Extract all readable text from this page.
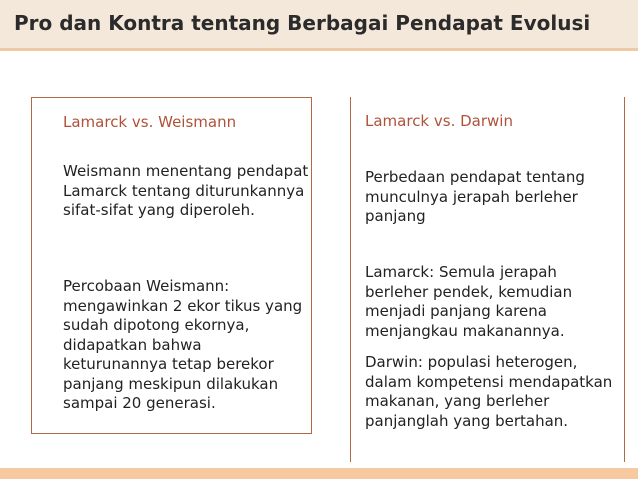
Pro dan Kontra tentang Berbagai Pendapat Evolusi
Lamarck vs. Weismann

Weismann menentang pendapat Lamarck tentang diturunkannya sifat-sifat yang diperoleh.

Percobaan Weismann: mengawinkan 2 ekor tikus yang sudah dipotong ekornya, didapatkan bahwa keturunannya tetap berekor panjang meskipun dilakukan sampai 20 generasi.

Lamarck vs. Darwin

Perbedaan pendapat tentang munculnya jerapah berleher panjang

Lamarck: Semula jerapah berleher pendek, kemudian menjadi panjang karena menjangkau makanannya.

Darwin: populasi heterogen, dalam kompetensi mendapatkan makanan, yang berleher panjanglah yang bertahan.
